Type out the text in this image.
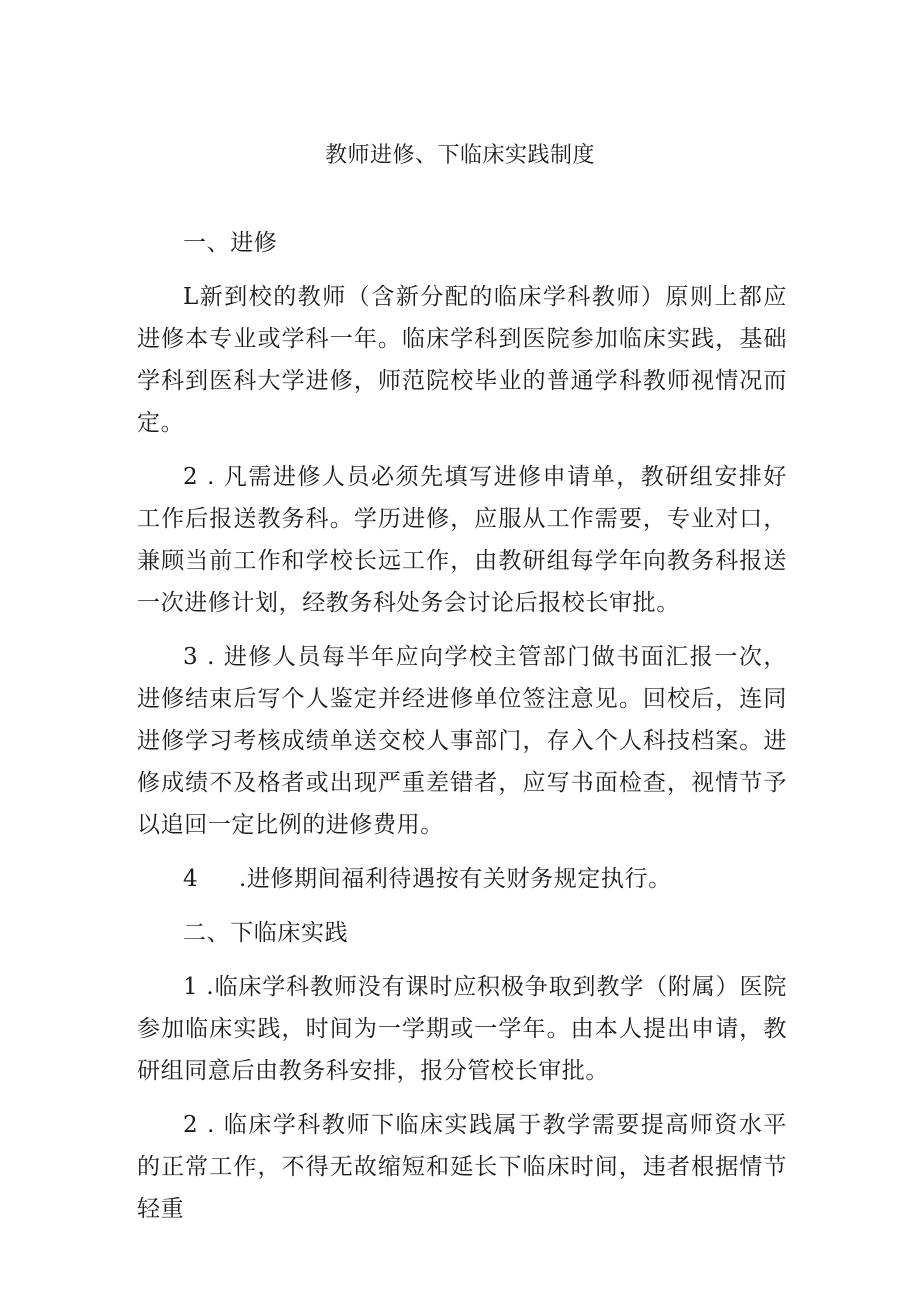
教师进修、下临床实践制度

一、进修

L新到校的教师（含新分配的临床学科教师）原则上都应进修本专业或学科一年。临床学科到医院参加临床实践，基础学科到医科大学进修，师范院校毕业的普通学科教师视情况而定。

2 . 凡需进修人员必须先填写进修申请单，教研组安排好工作后报送教务科。学历进修，应服从工作需要，专业对口，兼顾当前工作和学校长远工作，由教研组每学年向教务科报送一次进修计划，经教务科处务会讨论后报校长审批。

3 . 进修人员每半年应向学校主管部门做书面汇报一次，进修结束后写个人鉴定并经进修单位签注意见。回校后，连同进修学习考核成绩单送交校人事部门，存入个人科技档案。进修成绩不及格者或出现严重差错者，应写书面检查，视情节予以追回一定比例的进修费用。

4 .进修期间福利待遇按有关财务规定执行。

二、下临床实践

1 .临床学科教师没有课时应积极争取到教学（附属）医院参加临床实践，时间为一学期或一学年。由本人提出申请，教研组同意后由教务科安排，报分管校长审批。

2 . 临床学科教师下临床实践属于教学需要提高师资水平的正常工作，不得无故缩短和延长下临床时间，违者根据情节轻重
